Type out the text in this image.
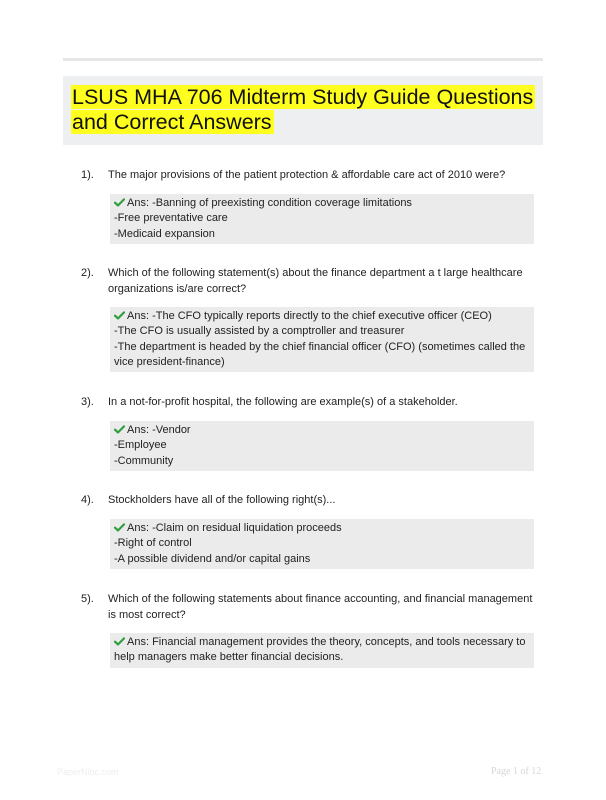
LSUS MHA 706 Midterm Study Guide Questions and Correct Answers
1). The major provisions of the patient protection & affordable care act of 2010 were?
Ans: -Banning of preexisting condition coverage limitations
-Free preventative care
-Medicaid expansion
2). Which of the following statement(s) about the finance department a t large healthcare organizations is/are correct?
Ans: -The CFO typically reports directly to the chief executive officer (CEO)
-The CFO is usually assisted by a comptroller and treasurer
-The department is headed by the chief financial officer (CFO) (sometimes called the vice president-finance)
3). In a not-for-profit hospital, the following are example(s) of a stakeholder.
Ans: -Vendor
-Employee
-Community
4). Stockholders have all of the following right(s)...
Ans: -Claim on residual liquidation proceeds
-Right of control
-A possible dividend and/or capital gains
5). Which of the following statements about finance accounting, and financial management is most correct?
Ans: Financial management provides the theory, concepts, and tools necessary to help managers make better financial decisions.
PaperNibc.com	Page 1 of 12
